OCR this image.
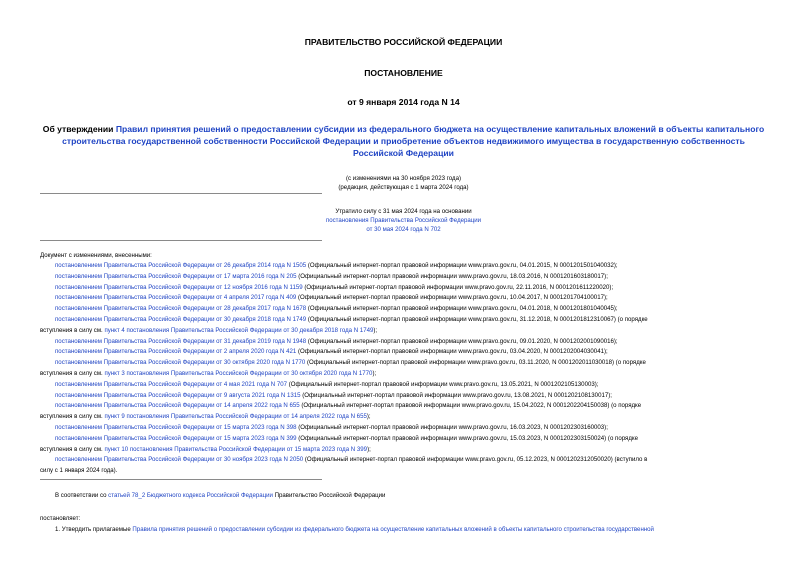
ПРАВИТЕЛЬСТВО РОССИЙСКОЙ ФЕДЕРАЦИИ
ПОСТАНОВЛЕНИЕ
от 9 января 2014 года N 14
Об утверждении Правил принятия решений о предоставлении субсидии из федерального бюджета на осуществление капитальных вложений в объекты капитального строительства государственной собственности Российской Федерации и приобретение объектов недвижимого имущества в государственную собственность Российской Федерации
(с изменениями на 30 ноября 2023 года)
(редакция, действующая с 1 марта 2024 года)
Утратило силу с 31 мая 2024 года на основании
постановления Правительства Российской Федерации
от 30 мая 2024 года N 702
Документ с изменениями, внесенными:
постановлением Правительства Российской Федерации от 26 декабря 2014 года N 1505 (Официальный интернет-портал правовой информации www.pravo.gov.ru, 04.01.2015, N 0001201501040032);
постановлением Правительства Российской Федерации от 17 марта 2016 года N 205 (Официальный интернет-портал правовой информации www.pravo.gov.ru, 18.03.2016, N 0001201603180017);
постановлением Правительства Российской Федерации от 12 ноября 2016 года N 1159 (Официальный интернет-портал правовой информации www.pravo.gov.ru, 22.11.2016, N 0001201611220020);
постановлением Правительства Российской Федерации от 4 апреля 2017 года N 409 (Официальный интернет-портал правовой информации www.pravo.gov.ru, 10.04.2017, N 0001201704100017);
постановлением Правительства Российской Федерации от 28 декабря 2017 года N 1678 (Официальный интернет-портал правовой информации www.pravo.gov.ru, 04.01.2018, N 0001201801040045);
постановлением Правительства Российской Федерации от 30 декабря 2018 года N 1749 (Официальный интернет-портал правовой информации www.pravo.gov.ru, 31.12.2018, N 0001201812310067) (о порядке
вступления в силу см. пункт 4 постановления Правительства Российской Федерации от 30 декабря 2018 года N 1749);
постановлением Правительства Российской Федерации от 31 декабря 2019 года N 1948 (Официальный интернет-портал правовой информации www.pravo.gov.ru, 09.01.2020, N 0001202001090016);
постановлением Правительства Российской Федерации от 2 апреля 2020 года N 421 (Официальный интернет-портал правовой информации www.pravo.gov.ru, 03.04.2020, N 0001202004030041);
постановлением Правительства Российской Федерации от 30 октября 2020 года N 1770 (Официальный интернет-портал правовой информации www.pravo.gov.ru, 03.11.2020, N 0001202011030018) (о порядке
вступления в силу см. пункт 3 постановления Правительства Российской Федерации от 30 октября 2020 года N 1770);
постановлением Правительства Российской Федерации от 4 мая 2021 года N 707 (Официальный интернет-портал правовой информации www.pravo.gov.ru, 13.05.2021, N 0001202105130003);
постановлением Правительства Российской Федерации от 9 августа 2021 года N 1315 (Официальный интернет-портал правовой информации www.pravo.gov.ru, 13.08.2021, N 0001202108130017);
постановлением Правительства Российской Федерации от 14 апреля 2022 года N 655 (Официальный интернет-портал правовой информации www.pravo.gov.ru, 15.04.2022, N 0001202204150038) (о порядке
вступления в силу см. пункт 9 постановления Правительства Российской Федерации от 14 апреля 2022 года N 655);
постановлением Правительства Российской Федерации от 15 марта 2023 года N 398 (Официальный интернет-портал правовой информации www.pravo.gov.ru, 16.03.2023, N 0001202303160003);
постановлением Правительства Российской Федерации от 15 марта 2023 года N 399 (Официальный интернет-портал правовой информации www.pravo.gov.ru, 15.03.2023, N 0001202303150024) (о порядке
вступления в силу см. пункт 10 постановления Правительства Российской Федерации от 15 марта 2023 года N 399);
постановлением Правительства Российской Федерации от 30 ноября 2023 года N 2050 (Официальный интернет-портал правовой информации www.pravo.gov.ru, 05.12.2023, N 0001202312050020) (вступило в
силу с 1 января 2024 года).
В соответствии со статьей 78_2 Бюджетного кодекса Российской Федерации Правительство Российской Федерации
постановляет:
1. Утвердить прилагаемые Правила принятия решений о предоставлении субсидии из федерального бюджета на осуществление капитальных вложений в объекты капитального строительства государственной
